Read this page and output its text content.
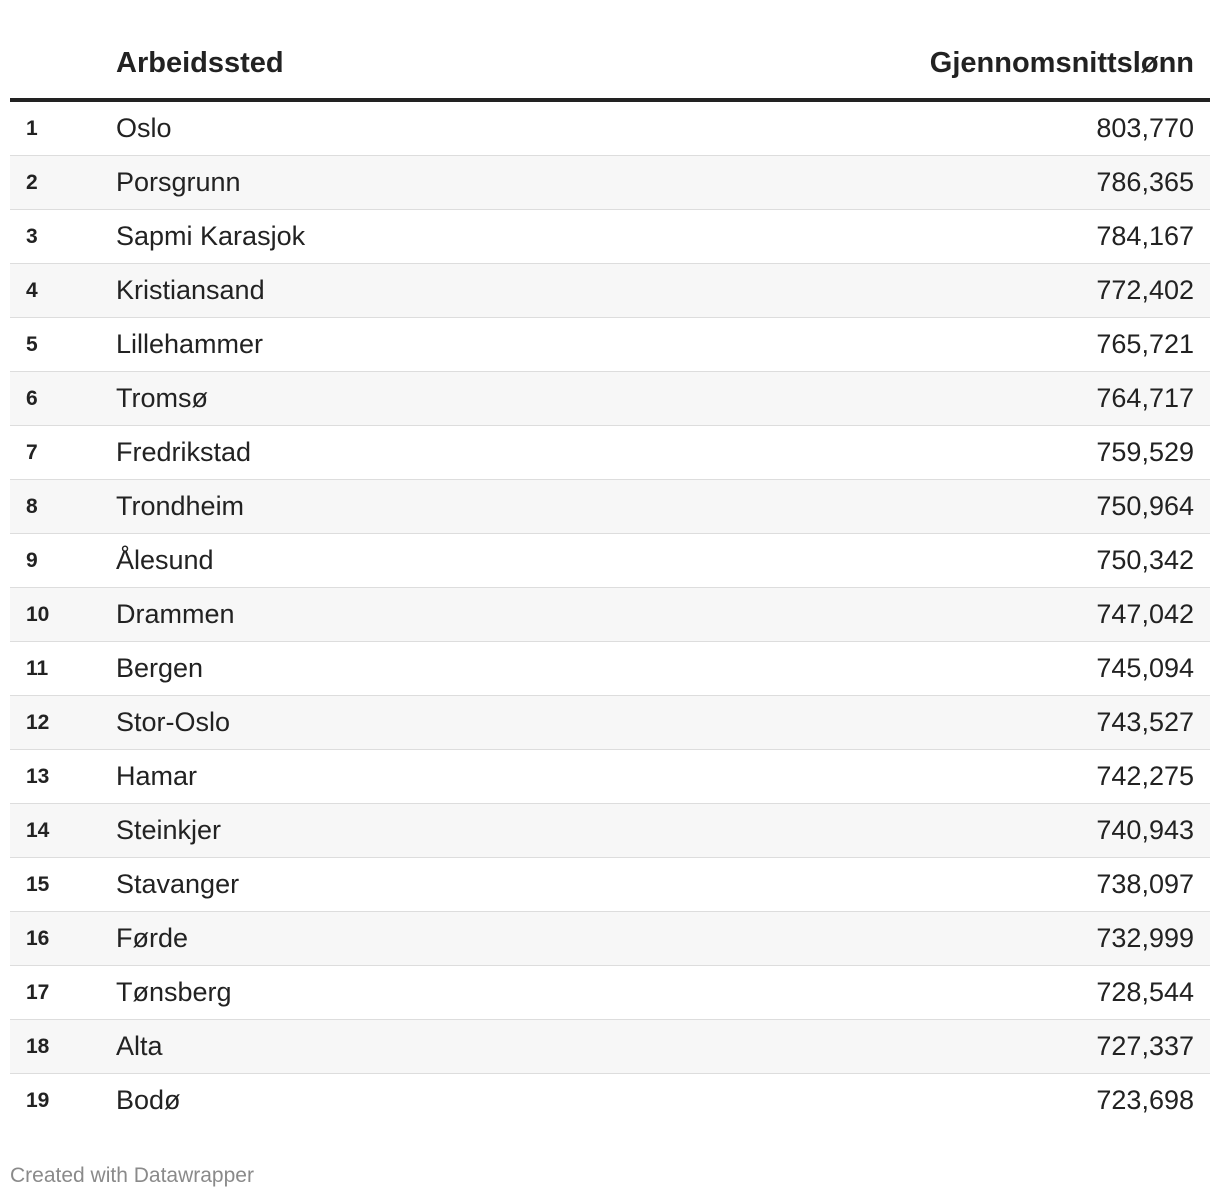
Arbeidssted	Gjennomsnittslønn
1	Oslo	803,770
2	Porsgrunn	786,365
3	Sapmi Karasjok	784,167
4	Kristiansand	772,402
5	Lillehammer	765,721
6	Tromsø	764,717
7	Fredrikstad	759,529
8	Trondheim	750,964
9	Ålesund	750,342
10 Drammen	747,042
11	Bergen	745,094
12 Stor-Oslo	743,527
13 Hamar	742,275
14 Steinkjer	740,943
15 Stavanger	738,097
16 Førde	732,999
17 Tønsberg	728,544
18 Alta	727,337
19 Bodø	723,698
Created with Datawrapper
